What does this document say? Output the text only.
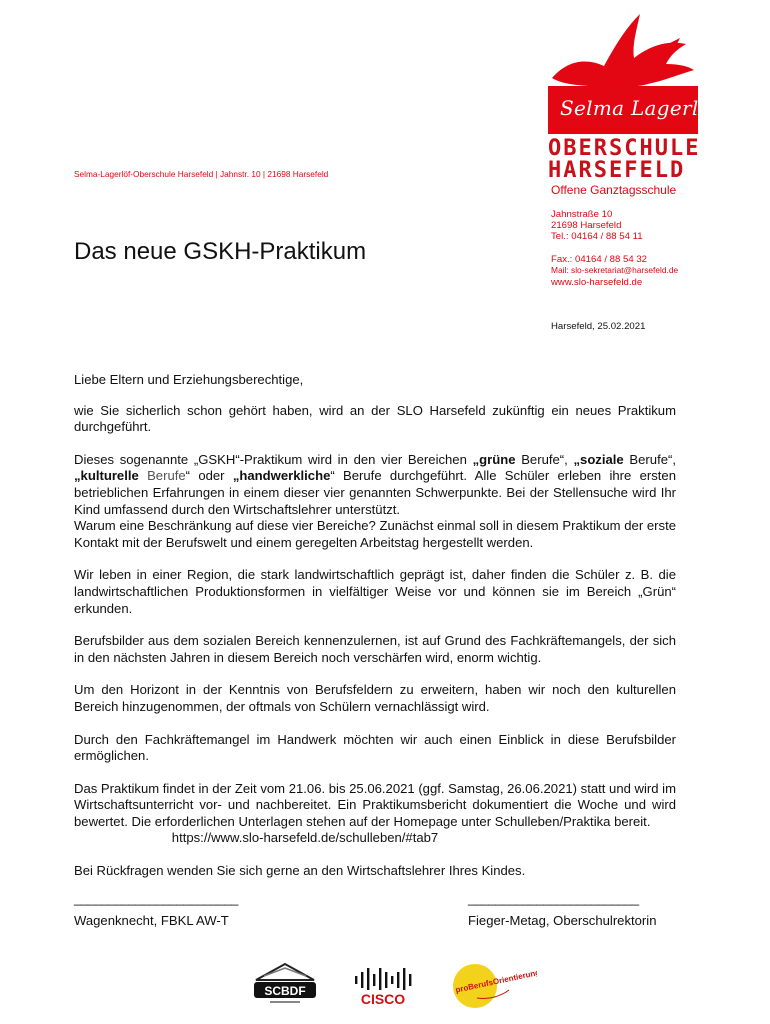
Selma Lagerlöf
OBERSCHULE
HARSEFELD
Selma-Lagerlöf-Oberschule Harsefeld | Jahnstr. 10 | 21698 Harsefeld
Offene Ganztagsschule
Jahnstraße 10
21698 Harsefeld
Tel.: 04164 / 88 54 11
Fax.: 04164 / 88 54 32
Mail: slo-sekretariat@harsefeld.de
www.slo-harsefeld.de
Das neue GSKH-Praktikum
Harsefeld, 25.02.2021

Liebe Eltern und Erziehungsberechtige,

wie Sie sicherlich schon gehört haben, wird an der SLO Harsefeld zukünftig ein neues Praktikum durchgeführt.

Dieses sogenannte „GSKH“-Praktikum wird in den vier Bereichen „grüne Berufe“, „soziale Berufe“, „kulturelle Berufe“ oder „handwerkliche“ Berufe durchgeführt. Alle Schüler erleben ihre ersten betrieblichen Erfahrungen in einem dieser vier genannten Schwerpunkte. Bei der Stellensuche wird Ihr Kind umfassend durch den Wirtschaftslehrer unterstützt.
Warum eine Beschränkung auf diese vier Bereiche? Zunächst einmal soll in diesem Praktikum der erste Kontakt mit der Berufswelt und einem geregelten Arbeitstag hergestellt werden.

Wir leben in einer Region, die stark landwirtschaftlich geprägt ist, daher finden die Schüler z. B. die landwirtschaftlichen Produktionsformen in vielfältiger Weise vor und können sie im Bereich „Grün“ erkunden.

Berufsbilder aus dem sozialen Bereich kennenzulernen, ist auf Grund des Fachkräftemangels, der sich in den nächsten Jahren in diesem Bereich noch verschärfen wird, enorm wichtig.

Um den Horizont in der Kenntnis von Berufsfeldern zu erweitern, haben wir noch den kulturellen Bereich hinzugenommen, der oftmals von Schülern vernachlässigt wird.

Durch den Fachkräftemangel im Handwerk möchten wir auch einen Einblick in diese Berufsbilder ermöglichen.

Das Praktikum findet in der Zeit vom 21.06. bis 25.06.2021 (ggf. Samstag, 26.06.2021) statt und wird im Wirtschaftsunterricht vor- und nachbereitet. Ein Praktikumsbericht dokumentiert die Woche und wird bewertet. Die erforderlichen Unterlagen stehen auf der Homepage unter Schulleben/Praktika bereit.
https://www.slo-harsefeld.de/schulleben/#tab7

Bei Rückfragen wenden Sie sich gerne an den Wirtschaftslehrer Ihres Kindes.

________________________	_________________________
Wagenknecht, FBKL AW-T	Fieger-Metag, Oberschulrektorin
SCBDF	CISCO
proBerufsOrientierung!
